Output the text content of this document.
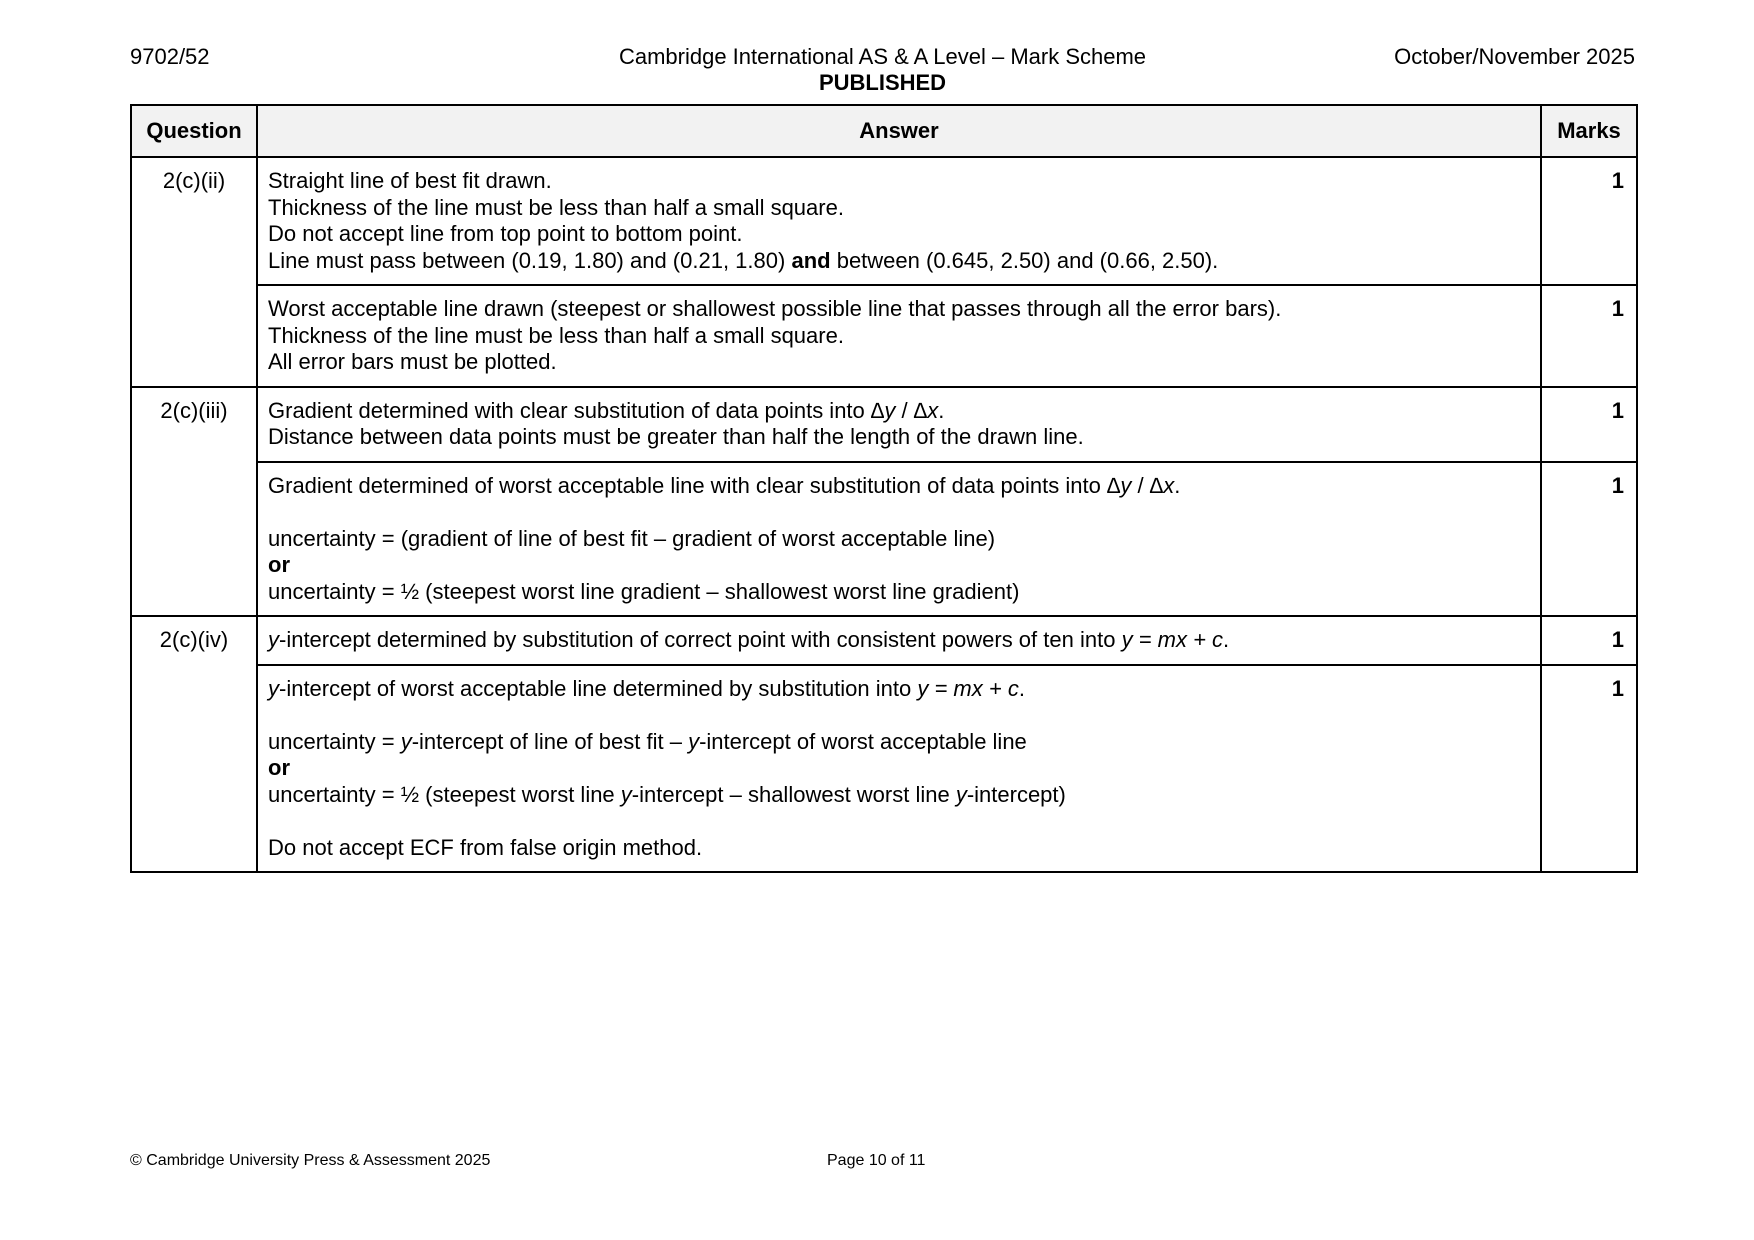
9702/52	Cambridge International AS & A Level – Mark Scheme
PUBLISHED
October/November 2025
Question	Answer	Marks
2(c)(ii)	Straight line of best fit drawn.
Thickness of the line must be less than half a small square.
Do not accept line from top point to bottom point.
Line must pass between (0.19, 1.80) and (0.21, 1.80) and between (0.645, 2.50) and (0.66, 2.50).	1

	Worst acceptable line drawn (steepest or shallowest possible line that passes through all the error bars).
Thickness of the line must be less than half a small square.
All error bars must be plotted.	1
2(c)(iii)	Gradient determined with clear substitution of data points into ∆y / ∆x.
Distance between data points must be greater than half the length of the drawn line.	1

	Gradient determined of worst acceptable line with clear substitution of data points into ∆y / ∆x.
uncertainty = (gradient of line of best fit – gradient of worst acceptable line)
or
uncertainty = ½ (steepest worst line gradient – shallowest worst line gradient)	1
2(c)(iv)	y-intercept determined by substitution of correct point with consistent powers of ten into y = mx + c.	1

	y-intercept of worst acceptable line determined by substitution into y = mx + c.
uncertainty = y-intercept of line of best fit – y-intercept of worst acceptable line
or
uncertainty = ½ (steepest worst line y-intercept – shallowest worst line y-intercept)
Do not accept ECF from false origin method.	1
© Cambridge University Press & Assessment 2025	Page 10 of 11
